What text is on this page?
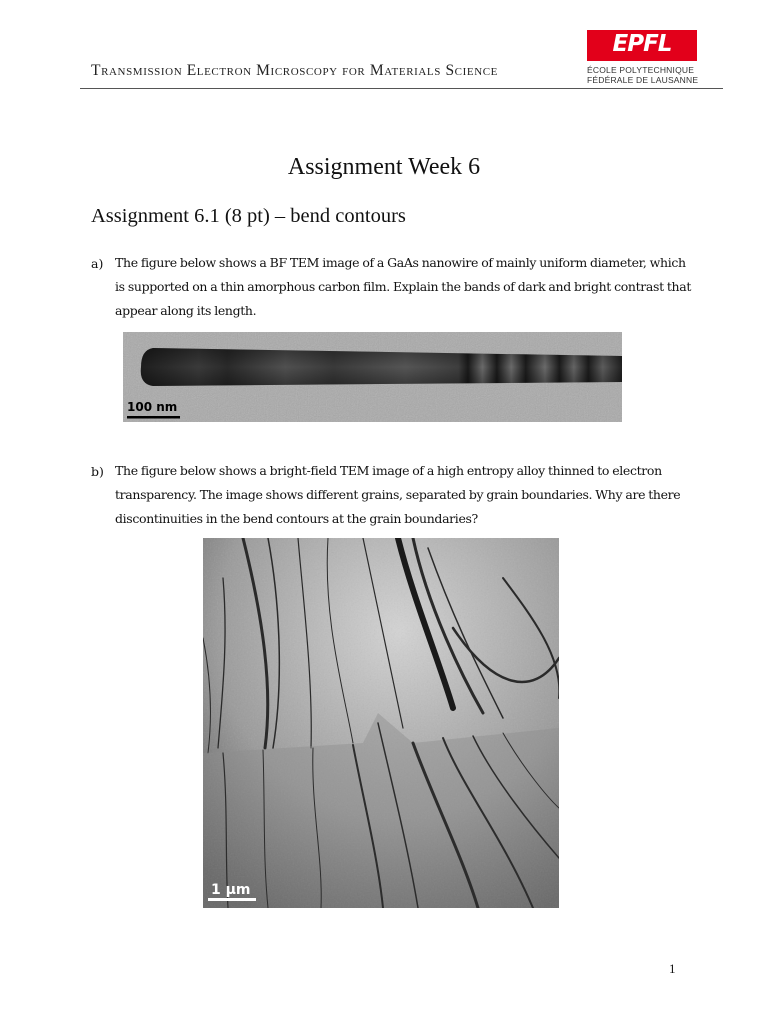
Transmission Electron Microscopy for Materials Science
EPFL
ÉCOLE POLYTECHNIQUE
FÉDÉRALE DE LAUSANNE
Assignment Week 6
Assignment 6.1 (8 pt) – bend contours
a) The figure below shows a BF TEM image of a GaAs nanowire of mainly uniform diameter, which is supported on a thin amorphous carbon film. Explain the bands of dark and bright contrast that appear along its length.
100 nm
b) The figure below shows a bright-field TEM image of a high entropy alloy thinned to electron transparency. The image shows different grains, separated by grain boundaries. Why are there discontinuities in the bend contours at the grain boundaries?
1 µm
1
